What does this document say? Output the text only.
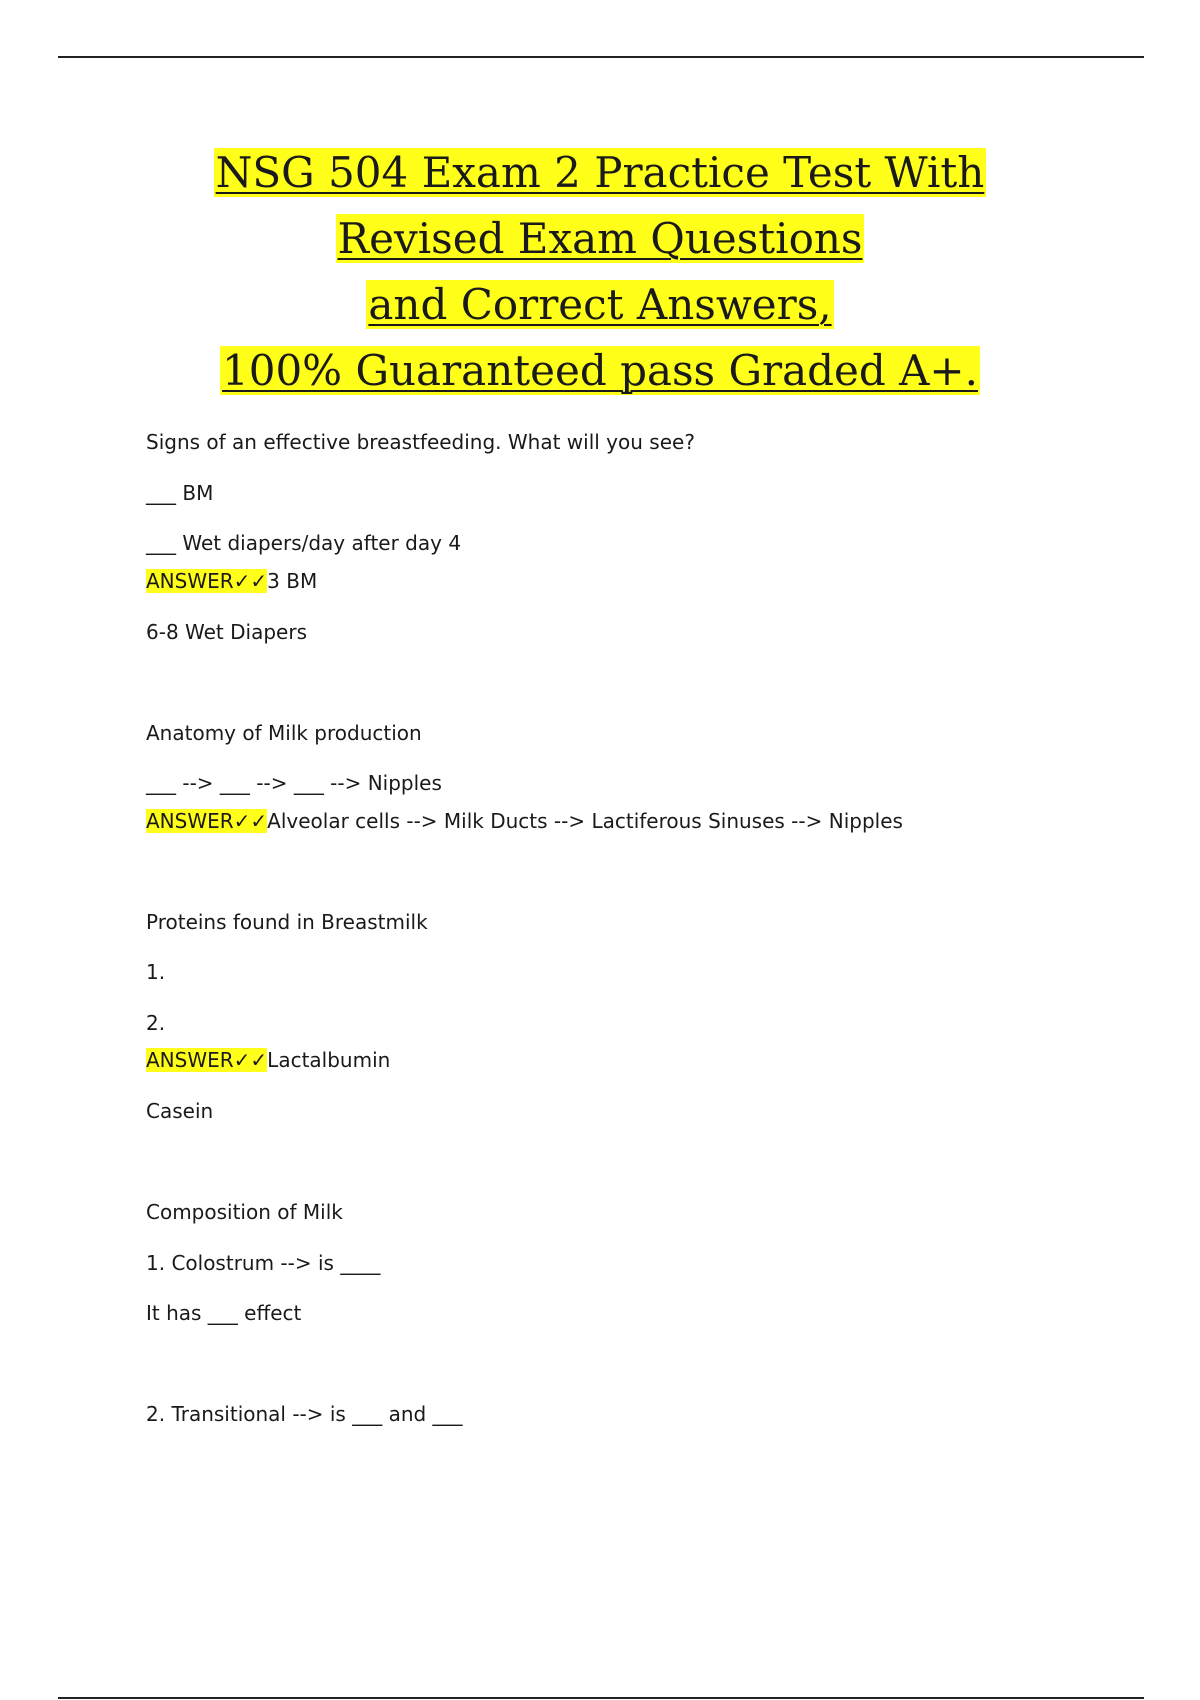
NSG 504 Exam 2 Practice Test With
Revised Exam Questions
and Correct Answers,
100% Guaranteed pass Graded A+.
Signs of an effective breastfeeding. What will you see?
___ BM
___ Wet diapers/day after day 4
ANSWER✓✓3 BM
6-8 Wet Diapers
Anatomy of Milk production
___ --> ___ --> ___ --> Nipples
ANSWER✓✓Alveolar cells --> Milk Ducts --> Lactiferous Sinuses --> Nipples
Proteins found in Breastmilk
1.
2.
ANSWER✓✓Lactalbumin
Casein
Composition of Milk
1. Colostrum --> is ____
It has ___ effect
2. Transitional --> is ___ and ___
